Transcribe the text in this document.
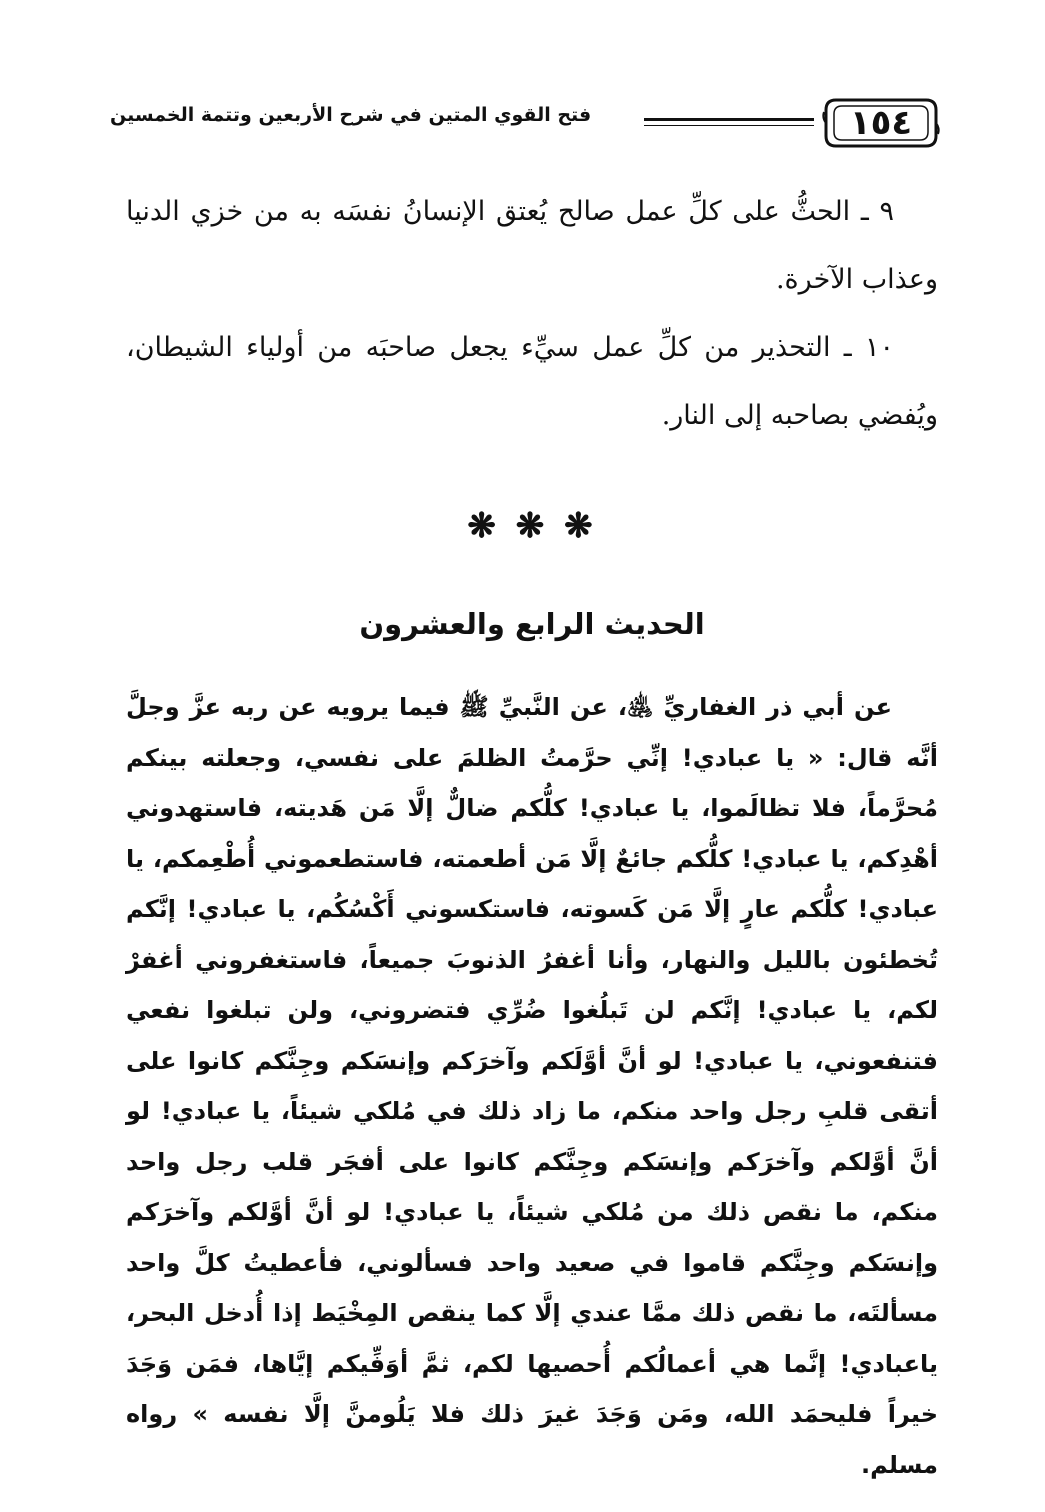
١٥٤
فتح القوي المتين في شرح الأربعين وتتمة الخمسين

٩ ـ الحثُّ على كلِّ عمل صالح يُعتق الإنسانُ نفسَه به من خزي الدنيا وعذاب الآخرة.

١٠ ـ التحذير من كلِّ عمل سيِّء يجعل صاحبَه من أولياء الشيطان، ويُفضي بصاحبه إلى النار.

❋ ❋ ❋
الحديث الرابع والعشرون

عن أبي ذر الغفاريِّ ﵁، عن النَّبيِّ ﷺ فيما يرويه عن ربه عزَّ وجلَّ أنَّه قال: « يا عبادي! إنِّي حرَّمتُ الظلمَ على نفسي، وجعلته بينكم مُحرَّماً، فلا تظالَموا، يا عبادي! كلُّكم ضالٌّ إلَّا مَن هَديته، فاستهدوني أهْدِكم، يا عبادي! كلُّكم جائعٌ إلَّا مَن أطعمته، فاستطعموني أُطْعِمكم، يا عبادي! كلُّكم عارٍ إلَّا مَن كَسوته، فاستكسوني أَكْسُكُم، يا عبادي! إنَّكم تُخطئون بالليل والنهار، وأنا أغفرُ الذنوبَ جميعاً، فاستغفروني أغفرْ لكم، يا عبادي! إنَّكم لن تَبلُغوا ضُرِّي فتضروني، ولن تبلغوا نفعي فتنفعوني، يا عبادي! لو أنَّ أوَّلَكم وآخرَكم وإنسَكم وجِنَّكم كانوا على أتقى قلبِ رجل واحد منكم، ما زاد ذلك في مُلكي شيئاً، يا عبادي! لو أنَّ أوَّلكم وآخرَكم وإنسَكم وجِنَّكم كانوا على أفجَر قلب رجل واحد منكم، ما نقص ذلك من مُلكي شيئاً، يا عبادي! لو أنَّ أوَّلكم وآخرَكم وإنسَكم وجِنَّكم قاموا في صعيد واحد فسألوني، فأعطيتُ كلَّ واحد مسألتَه، ما نقص ذلك ممَّا عندي إلَّا كما ينقص المِخْيَط إذا أُدخل البحر، ياعبادي! إنَّما هي أعمالُكم أُحصيها لكم، ثمَّ أوَفِّيكم إيَّاها، فمَن وَجَدَ خيراً فليحمَد الله، ومَن وَجَدَ غيرَ ذلك فلا يَلُومنَّ إلَّا نفسه » رواه مسلم.
